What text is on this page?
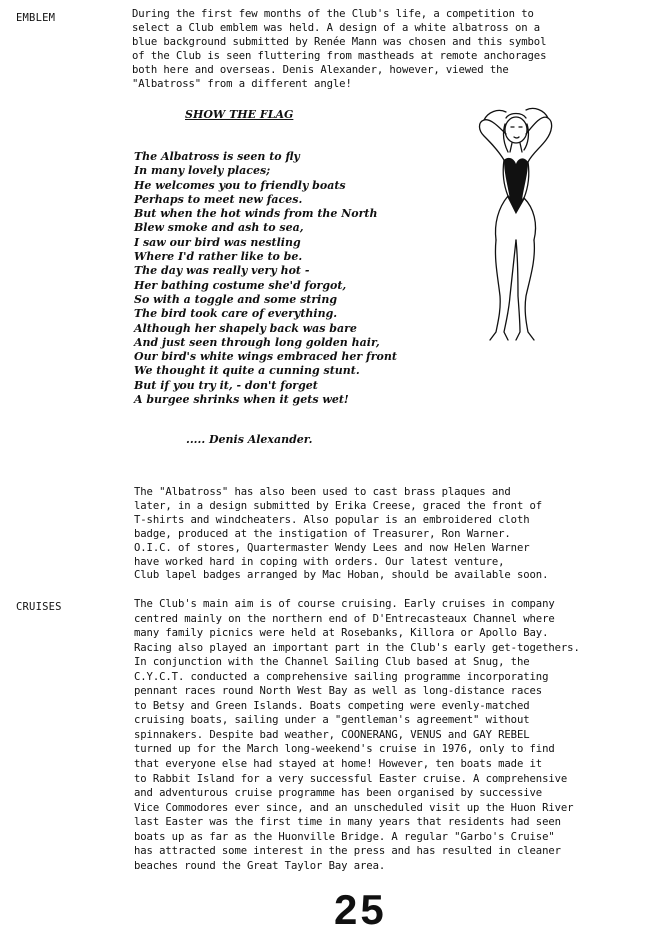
EMBLEM
CRUISES

During the first few months of the Club's life, a competition to

select a Club emblem was held. A design of a white albatross on a

blue background submitted by Renée Mann was chosen and this symbol

of the Club is seen fluttering from mastheads at remote anchorages

both here and overseas. Denis Alexander, however, viewed the

"Albatross" from a different angle!

SHOW THE FLAG

The Albatross is seen to fly

In many lovely places;

He welcomes you to friendly boats

Perhaps to meet new faces.

But when the hot winds from the North

Blew smoke and ash to sea,

I saw our bird was nestling

Where I'd rather like to be.

The day was really very hot -

Her bathing costume she'd forgot,

So with a toggle and some string

The bird took care of everything.

Although her shapely back was bare

And just seen through long golden hair,

Our bird's white wings embraced her front

We thought it quite a cunning stunt.

But if you try it, - don't forget

A burgee shrinks when it gets wet!

..... Denis Alexander.

The "Albatross" has also been used to cast brass plaques and

later, in a design submitted by Erika Creese, graced the front of

T-shirts and windcheaters. Also popular is an embroidered cloth

badge, produced at the instigation of Treasurer, Ron Warner.

O.I.C. of stores, Quartermaster Wendy Lees and now Helen Warner

have worked hard in coping with orders. Our latest venture,

Club lapel badges arranged by Mac Hoban, should be available soon.

The Club's main aim is of course cruising. Early cruises in company

centred mainly on the northern end of D'Entrecasteaux Channel where

many family picnics were held at Rosebanks, Killora or Apollo Bay.

Racing also played an important part in the Club's early get-togethers.

In conjunction with the Channel Sailing Club based at Snug, the

C.Y.C.T. conducted a comprehensive sailing programme incorporating

pennant races round North West Bay as well as long-distance races

to Betsy and Green Islands. Boats competing were evenly-matched

cruising boats, sailing under a "gentleman's agreement" without

spinnakers. Despite bad weather, COONERANG, VENUS and GAY REBEL

turned up for the March long-weekend's cruise in 1976, only to find

that everyone else had stayed at home! However, ten boats made it

to Rabbit Island for a very successful Easter cruise. A comprehensive

and adventurous cruise programme has been organised by successive

Vice Commodores ever since, and an unscheduled visit up the Huon River

last Easter was the first time in many years that residents had seen

boats up as far as the Huonville Bridge. A regular "Garbo's Cruise"

has attracted some interest in the press and has resulted in cleaner

beaches round the Great Taylor Bay area.

25
